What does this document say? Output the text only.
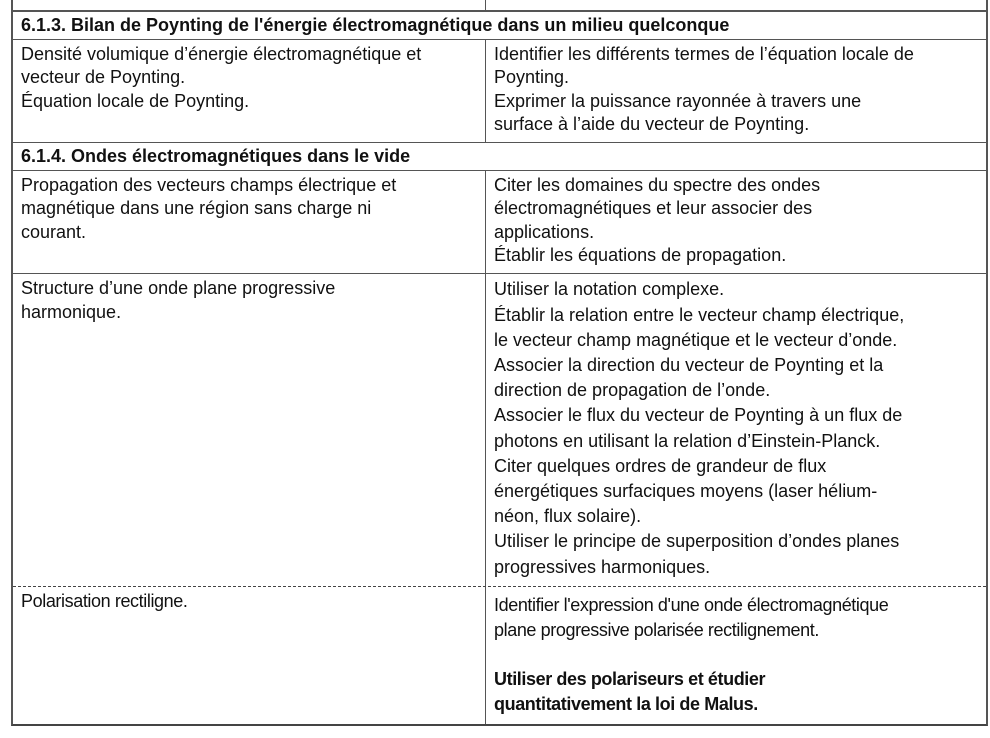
6.1.3. Bilan de Poynting de l'énergie électromagnétique dans un milieu quelconque
Densité volumique d’énergie électromagnétique et
vecteur de Poynting.
Équation locale de Poynting.
Identifier les différents termes de l’équation locale de
Poynting.
Exprimer la puissance rayonnée à travers une
surface à l’aide du vecteur de Poynting.
6.1.4. Ondes électromagnétiques dans le vide
Propagation des vecteurs champs électrique et
magnétique dans une région sans charge ni
courant.
Citer les domaines du spectre des ondes
électromagnétiques et leur associer des
applications.
Établir les équations de propagation.
Structure d’une onde plane progressive
harmonique.
Utiliser la notation complexe.
Établir la relation entre le vecteur champ électrique,
le vecteur champ magnétique et le vecteur d’onde.
Associer la direction du vecteur de Poynting et la
direction de propagation de l’onde.
Associer le flux du vecteur de Poynting à un flux de
photons en utilisant la relation d’Einstein-Planck.
Citer quelques ordres de grandeur de flux
énergétiques surfaciques moyens (laser hélium-
néon, flux solaire).
Utiliser le principe de superposition d’ondes planes
progressives harmoniques.
Polarisation rectiligne.	Identifier l'expression d'une onde électromagnétique
plane progressive polarisée rectilignement.
Utiliser des polariseurs et étudier
quantitativement la loi de Malus.
